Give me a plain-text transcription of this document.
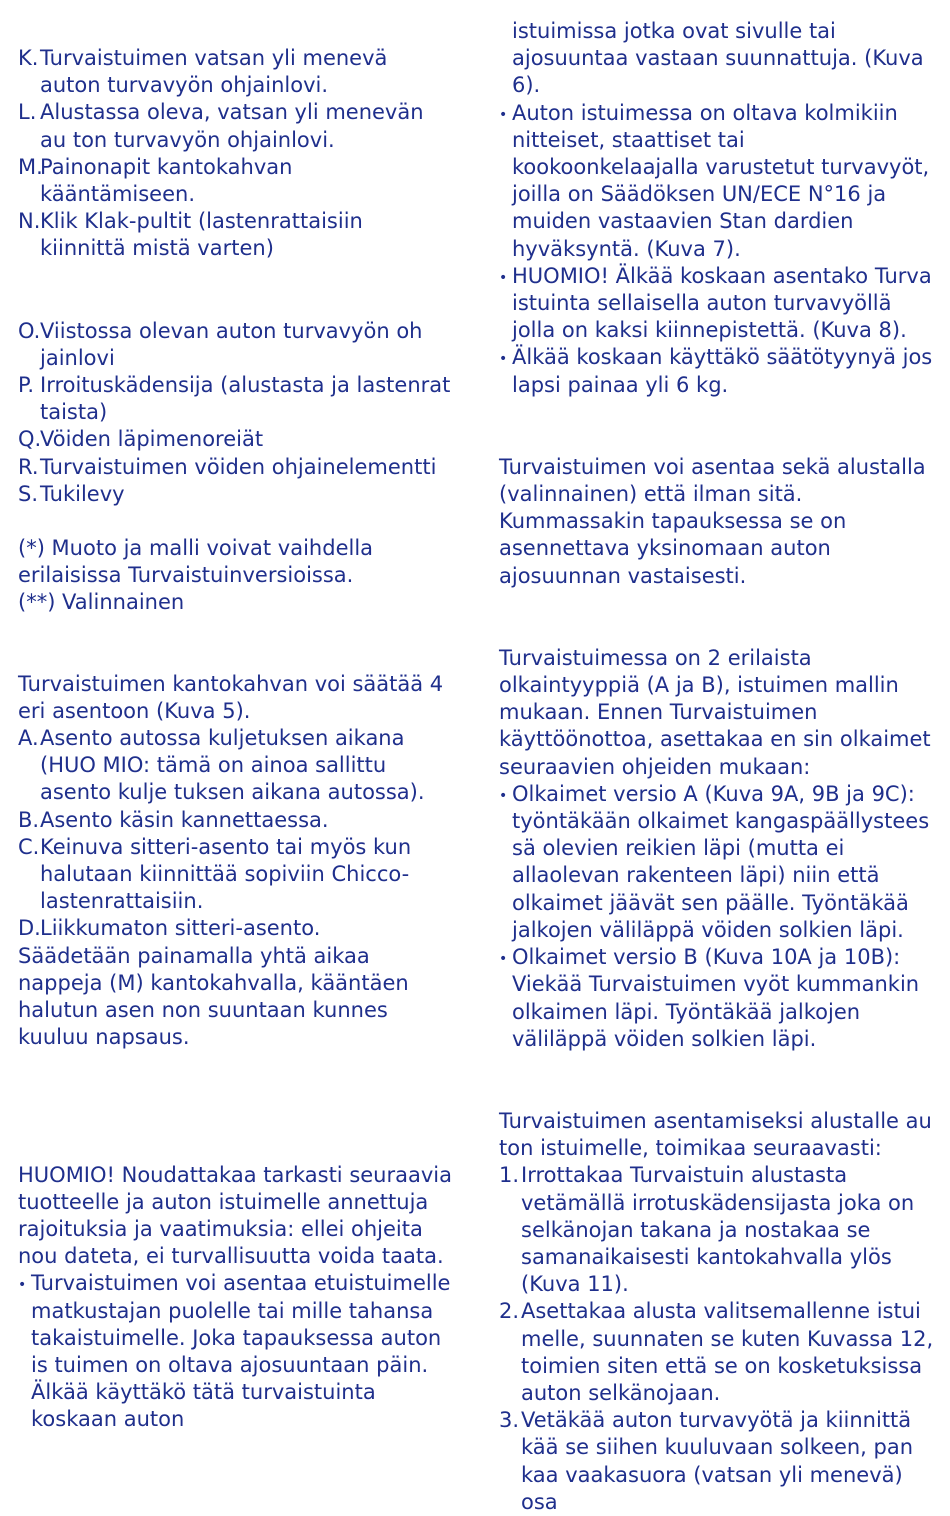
K. Turvaistuimen vatsan yli menevä auton turvavyön ohjainlovi.
L. Alustassa oleva, vatsan yli menevän au ton turvavyön ohjainlovi.
M.
Painonapit kantokahvan kääntämiseen.
N. Klik Klak-pultit (lastenrattaisiin kiinnittä mistä varten)
O. Viistossa olevan auton turvavyön oh jainlovi
P. Irroituskädensija (alustasta ja lastenrat taista)
Q.
Vöiden läpimenoreiät
R. Turvaistuimen vöiden ohjainelementti
S. Tukilevy

(*) Muoto ja malli voivat vaihdella erilaisissa Turvaistuinversioissa.

(**) Valinnainen

Turvaistuimen kantokahvan voi säätää 4 eri asentoon (Kuva 5).

A. Asento autossa kuljetuksen aikana (HUO MIO: tämä on ainoa sallittu asento kulje tuksen aikana autossa).
B. Asento käsin kannettaessa.
C. Keinuva sitteri-asento tai myös kun halutaan kiinnittää sopiviin Chicco-lastenrattaisiin.
D. Liikkumaton sitteri-asento.

Säädetään painamalla yhtä aikaa nappeja (M) kantokahvalla, kääntäen halutun asen non suuntaan kunnes kuuluu napsaus.

HUOMIO! Noudattakaa tarkasti seuraavia tuotteelle ja auton istuimelle annettuja rajoituksia ja vaatimuksia: ellei ohjeita nou dateta, ei turvallisuutta voida taata.

•
Turvaistuimen voi asentaa etuistuimelle matkustajan puolelle tai mille tahansa takaistuimelle. Joka tapauksessa auton is tuimen on oltava ajosuuntaan päin. Älkää käyttäkö tätä turvaistuinta koskaan auton

istuimissa jotka ovat sivulle tai ajosuuntaa vastaan suunnattuja. (Kuva 6).

•
Auton istuimessa on oltava kolmikiin nitteiset, staattiset tai kookoonkelaajalla varustetut turvavyöt, joilla on Säädöksen UN/ECE N°16 ja muiden vastaavien Stan dardien hyväksyntä. (Kuva 7).
•
HUOMIO! Älkää koskaan asentako Turva istuinta sellaisella auton turvavyöllä jolla on kaksi kiinnepistettä. (Kuva 8).
•
Älkää koskaan käyttäkö säätötyynyä jos lapsi painaa yli 6 kg.

Turvaistuimen voi asentaa sekä alustalla (valinnainen) että ilman sitä. Kummassakin tapauksessa se on asennettava yksinomaan auton ajosuunnan vastaisesti.

Turvaistuimessa on 2 erilaista olkaintyyppiä (A ja B), istuimen mallin mukaan. Ennen Turvaistuimen käyttöönottoa, asettakaa en sin olkaimet seuraavien ohjeiden mukaan:

•
Olkaimet versio A (Kuva 9A, 9B ja 9C): työntäkään olkaimet kangaspäällystees sä olevien reikien läpi (mutta ei allaolevan rakenteen läpi) niin että olkaimet jäävät sen päälle. Työntäkää jalkojen väliläppä vöiden solkien läpi.
•
Olkaimet versio B (Kuva 10A ja 10B): Viekää Turvaistuimen vyöt kummankin olkaimen läpi. Työntäkää jalkojen väliläppä vöiden solkien läpi.

Turvaistuimen asentamiseksi alustalle au ton istuimelle, toimikaa seuraavasti:

1. Irrottakaa Turvaistuin alustasta vetämällä irrotuskädensijasta joka on selkänojan takana ja nostakaa se samanaikaisesti kantokahvalla ylös (Kuva 11).
2. Asettakaa alusta valitsemallenne istui melle, suunnaten se kuten Kuvassa 12, toimien siten että se on kosketuksissa auton selkänojaan.
3. Vetäkää auton turvavyötä ja kiinnittä kää se siihen kuuluvaan solkeen, pan kaa vaakasuora (vatsan yli menevä) osa
